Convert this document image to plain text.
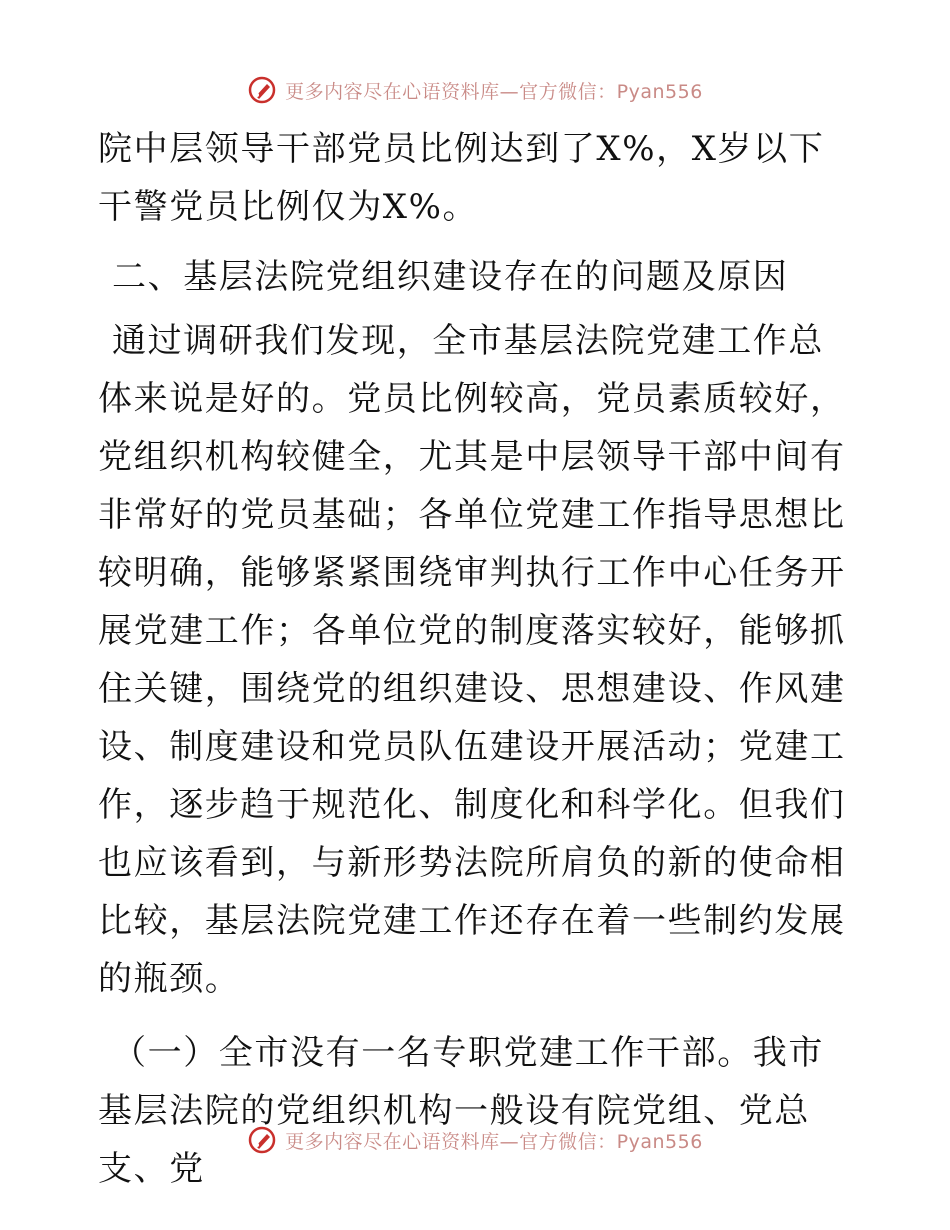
更多内容尽在心语资料库—官方微信：Pyan556

院中层领导干部党员比例达到了X%，X岁以下干警党员比例仅为X%。

二、基层法院党组织建设存在的问题及原因

通过调研我们发现，全市基层法院党建工作总体来说是好的。党员比例较高，党员素质较好，党组织机构较健全，尤其是中层领导干部中间有非常好的党员基础；各单位党建工作指导思想比较明确，能够紧紧围绕审判执行工作中心任务开展党建工作；各单位党的制度落实较好，能够抓住关键，围绕党的组织建设、思想建设、作风建设、制度建设和党员队伍建设开展活动；党建工作，逐步趋于规范化、制度化和科学化。但我们也应该看到，与新形势法院所肩负的新的使命相比较，基层法院党建工作还存在着一些制约发展的瓶颈。

（一）全市没有一名专职党建工作干部。我市基层法院的党组织机构一般设有院党组、党总支、党

更多内容尽在心语资料库—官方微信：Pyan556
